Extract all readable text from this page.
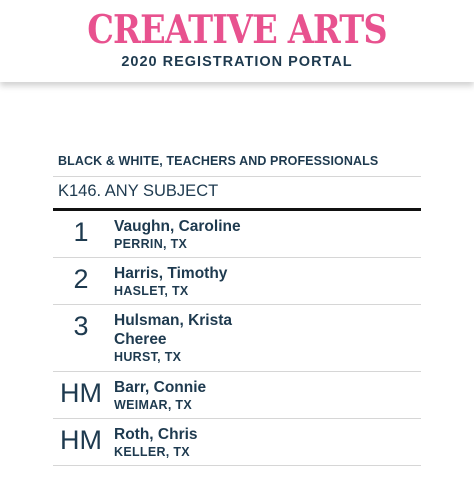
CREATIVE ARTS
2020 REGISTRATION PORTAL
BLACK & WHITE, TEACHERS AND PROFESSIONALS
K146. ANY SUBJECT
1	Vaughn, Caroline
PERRIN, TX
2	Harris, Timothy
HASLET, TX
3	Hulsman, Krista Cheree
HURST, TX
HM Barr, Connie
WEIMAR, TX
HM Roth, Chris
KELLER, TX
